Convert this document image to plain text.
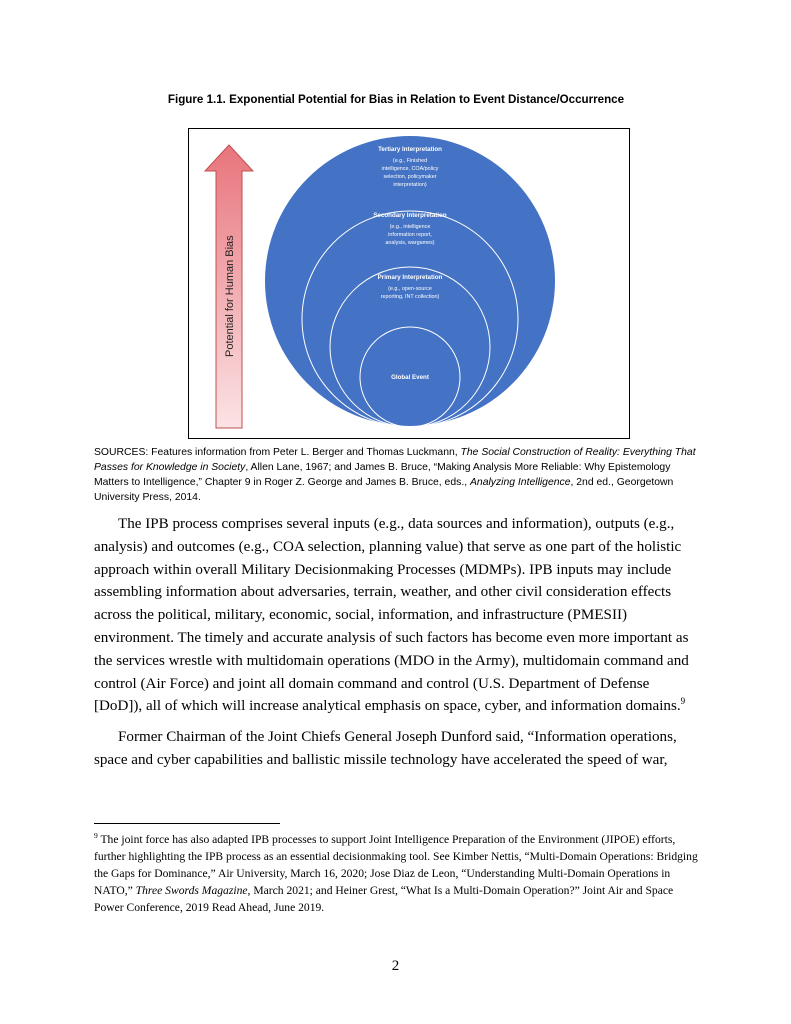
Figure 1.1. Exponential Potential for Bias in Relation to Event Distance/Occurrence
Potential for Human Bias
Tertiary Interpretation
(e.g., Finished
intelligence, COA/policy
selection, policymaker
interpretation)
Secondary Interpretation
(e.g., intelligence
information report,
analysis, wargames)
Primary Interpretation
(e.g., open-source
reporting, INT collection)
Global Event
SOURCES: Features information from Peter L. Berger and Thomas Luckmann, The Social Construction of Reality: Everything That Passes for Knowledge in Society, Allen Lane, 1967; and James B. Bruce, “Making Analysis More Reliable: Why Epistemology Matters to Intelligence,” Chapter 9 in Roger Z. George and James B. Bruce, eds., Analyzing Intelligence, 2nd ed., Georgetown University Press, 2014.

The IPB process comprises several inputs (e.g., data sources and information), outputs (e.g., analysis) and outcomes (e.g., COA selection, planning value) that serve as one part of the holistic approach within overall Military Decisionmaking Processes (MDMPs). IPB inputs may include assembling information about adversaries, terrain, weather, and other civil consideration effects across the political, military, economic, social, information, and infrastructure (PMESII) environment. The timely and accurate analysis of such factors has become even more important as the services wrestle with multidomain operations (MDO in the Army), multidomain command and control (Air Force) and joint all domain command and control (U.S. Department of Defense [DoD]), all of which will increase analytical emphasis on space, cyber, and information domains.$^9$

Former Chairman of the Joint Chiefs General Joseph Dunford said, “Information operations, space and cyber capabilities and ballistic missile technology have accelerated the speed of war,

$^9$ The joint force has also adapted IPB processes to support Joint Intelligence Preparation of the Environment (JIPOE) efforts, further highlighting the IPB process as an essential decisionmaking tool. See Kimber Nettis, “Multi-Domain Operations: Bridging the Gaps for Dominance,” Air University, March 16, 2020; Jose Diaz de Leon, “Understanding Multi-Domain Operations in NATO,” Three Swords Magazine, March 2021; and Heiner Grest, “What Is a Multi-Domain Operation?” Joint Air and Space Power Conference, 2019 Read Ahead, June 2019.

2
